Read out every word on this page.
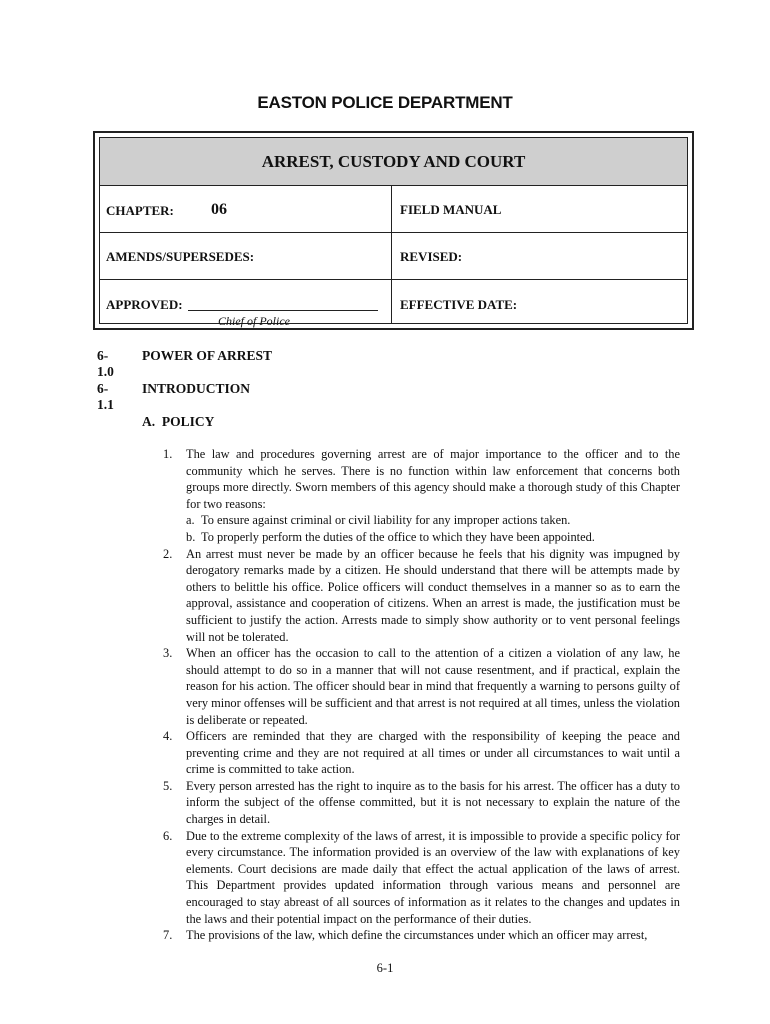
EASTON POLICE DEPARTMENT
ARREST, CUSTODY AND COURT
CHAPTER: 06	FIELD MANUAL
AMENDS/SUPERSEDES:	REVISED:
APPROVED:
Chief of Police
EFFECTIVE DATE:
6-1.0
POWER OF ARREST
6-1.1
INTRODUCTION
A.  POLICY
1. The law and procedures governing arrest are of major importance to the officer and to the community which he serves. There is no function within law enforcement that concerns both groups more directly. Sworn members of this agency should make a thorough study of this Chapter for two reasons:
a. To ensure against criminal or civil liability for any improper actions taken.
b. To properly perform the duties of the office to which they have been appointed.
2. An arrest must never be made by an officer because he feels that his dignity was impugned by derogatory remarks made by a citizen. He should understand that there will be attempts made by others to belittle his office. Police officers will conduct themselves in a manner so as to earn the approval, assistance and cooperation of citizens. When an arrest is made, the justification must be sufficient to justify the action. Arrests made to simply show authority or to vent personal feelings will not be tolerated.
3. When an officer has the occasion to call to the attention of a citizen a violation of any law, he should attempt to do so in a manner that will not cause resentment, and if practical, explain the reason for his action. The officer should bear in mind that frequently a warning to persons guilty of very minor offenses will be sufficient and that arrest is not required at all times, unless the violation is deliberate or repeated.
4. Officers are reminded that they are charged with the responsibility of keeping the peace and preventing crime and they are not required at all times or under all circumstances to wait until a crime is committed to take action.
5. Every person arrested has the right to inquire as to the basis for his arrest. The officer has a duty to inform the subject of the offense committed, but it is not necessary to explain the nature of the charges in detail.
6. Due to the extreme complexity of the laws of arrest, it is impossible to provide a specific policy for every circumstance. The information provided is an overview of the law with explanations of key elements. Court decisions are made daily that effect the actual application of the laws of arrest. This Department provides updated information through various means and personnel are encouraged to stay abreast of all sources of information as it relates to the changes and updates in the laws and their potential impact on the performance of their duties.
7. The provisions of the law, which define the circumstances under which an officer may arrest,
6-1
